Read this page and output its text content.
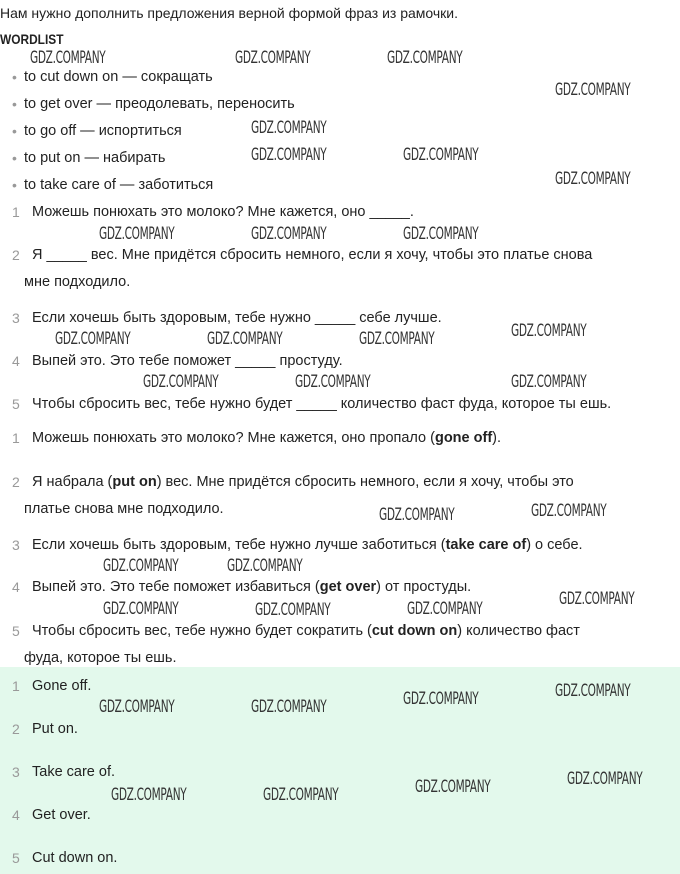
Нам нужно дополнить предложения верной формой фраз из рамочки.
WORDLIST
• to cut down on — сокращать
• to get over — преодолевать, переносить
• to go off — испортиться
• to put on — набирать
• to take care of — заботиться
1 Можешь понюхать это молоко? Мне кажется, оно _____.
2 Я _____ вес. Мне придётся сбросить немного, если я хочу, чтобы это платье снова
мне подходило.
3 Если хочешь быть здоровым, тебе нужно _____ себе лучше.
4 Выпей это. Это тебе поможет _____ простуду.
5 Чтобы сбросить вес, тебе нужно будет _____ количество фаст фуда, которое ты ешь.
1 Можешь понюхать это молоко? Мне кажется, оно пропало (gone off).
2 Я набрала (put on) вес. Мне придётся сбросить немного, если я хочу, чтобы это
платье снова мне подходило.
3 Если хочешь быть здоровым, тебе нужно лучше заботиться (take care of) о себе.
4 Выпей это. Это тебе поможет избавиться (get over) от простуды.
5 Чтобы сбросить вес, тебе нужно будет сократить (cut down on) количество фаст
фуда, которое ты ешь.
1 Gone off.
2 Put on.
3 Take care of.
4 Get over.
5 Cut down on.
GDZ.COMPANY	GDZ.COMPANY	GDZ.COMPANY
GDZ.COMPANY
GDZ.COMPANY
GDZ.COMPANY	GDZ.COMPANY
GDZ.COMPANY
GDZ.COMPANY	GDZ.COMPANY	GDZ.COMPANY
GDZ.COMPANY
GDZ.COMPANY	GDZ.COMPANY	GDZ.COMPANY
GDZ.COMPANY	GDZ.COMPANY	GDZ.COMPANY
GDZ.COMPANY	GDZ.COMPANY
GDZ.COMPANY	GDZ.COMPANY
GDZ.COMPANY	GDZ.COMPANY	GDZ.COMPANY
GDZ.COMPANY
GDZ.COMPANY	GDZ.COMPANY
GDZ.COMPANY	GDZ.COMPANY
GDZ.COMPANY
GDZ.COMPANY
GDZ.COMPANY	GDZ.COMPANY
